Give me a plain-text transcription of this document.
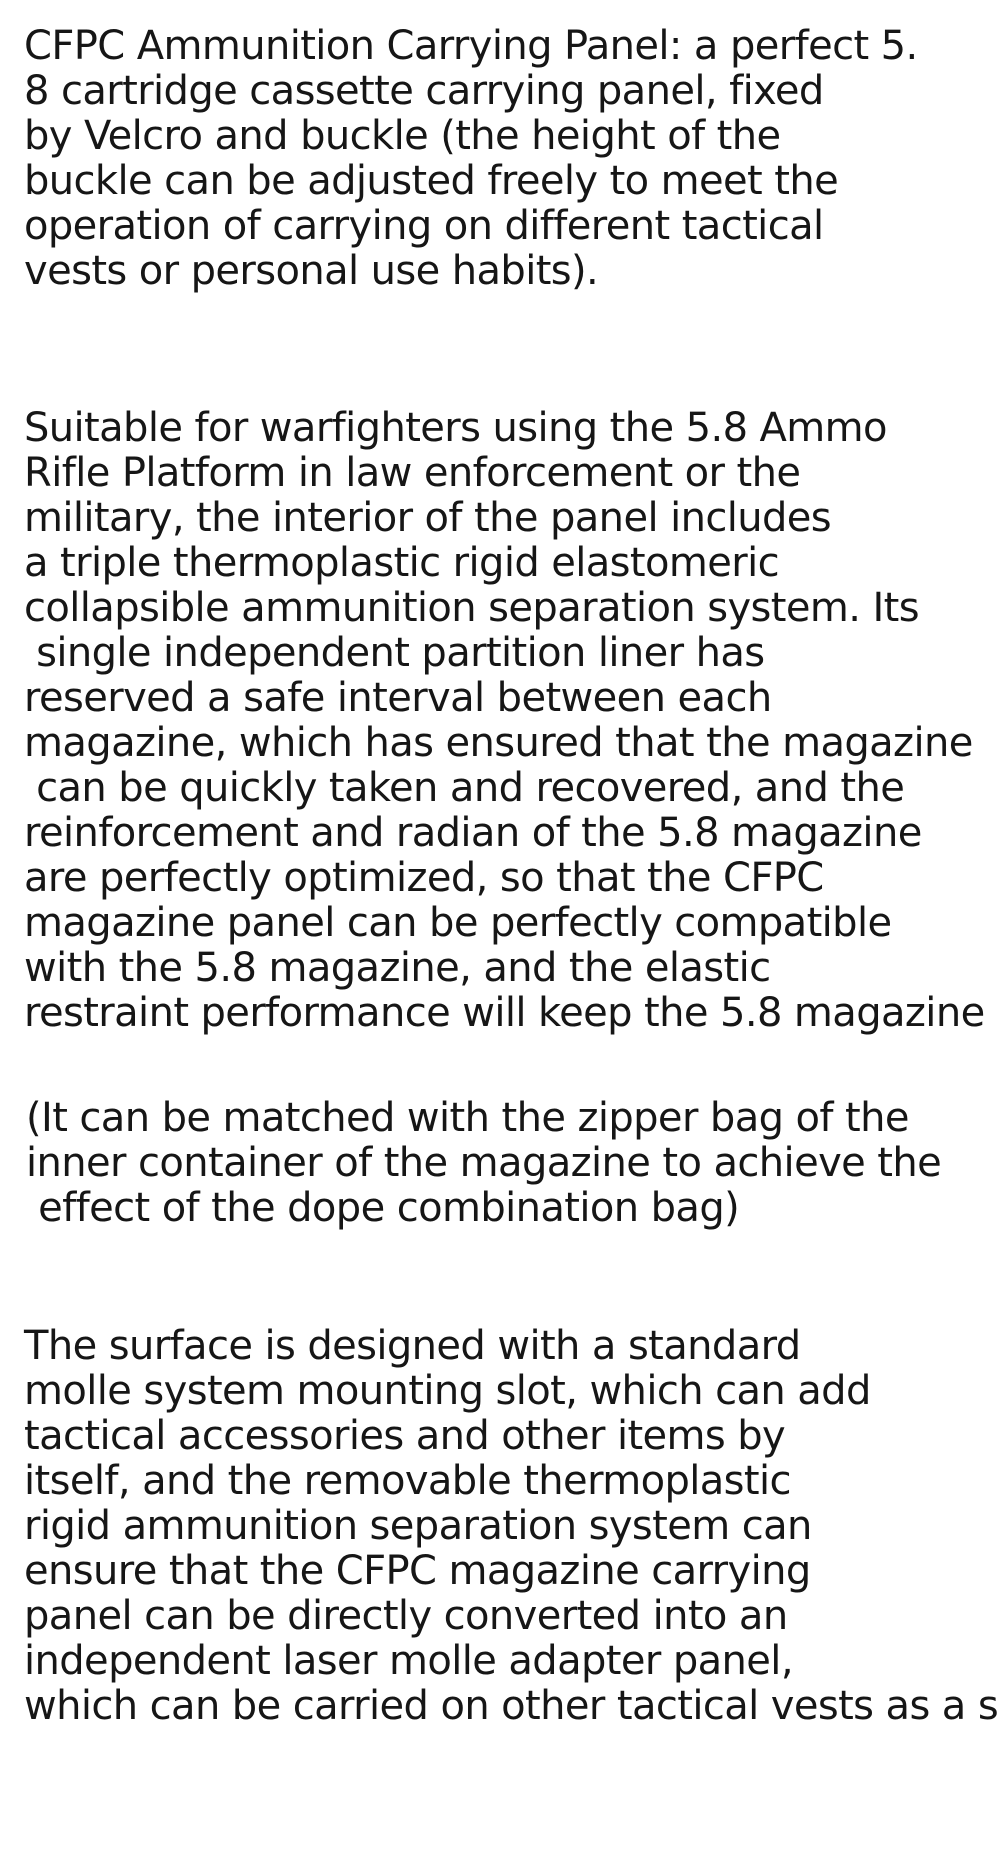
CFPC Ammunition Carrying Panel: a perfect 5.
8 cartridge cassette carrying panel, fixed
by Velcro and buckle (the height of the
buckle can be adjusted freely to meet the
operation of carrying on different tactical
vests or personal use habits).

Suitable for warfighters using the 5.8 Ammo
Rifle Platform in law enforcement or the
military, the interior of the panel includes
a triple thermoplastic rigid elastomeric
collapsible ammunition separation system. Its
single independent partition liner has
reserved a safe interval between each
magazine, which has ensured that the magazine
can be quickly taken and recovered, and the
reinforcement and radian of the 5.8 magazine
are perfectly optimized, so that the CFPC
magazine panel can be perfectly compatible
with the 5.8 magazine, and the elastic
restraint performance will keep the 5.8 magazine

(It can be matched with the zipper bag of the
inner container of the magazine to achieve the
effect of the dope combination bag)

The surface is designed with a standard
molle system mounting slot, which can add
tactical accessories and other items by
itself, and the removable thermoplastic
rigid ammunition separation system can
ensure that the CFPC magazine carrying
panel can be directly converted into an
independent laser molle adapter panel,
which can be carried on other tactical vests as a s
